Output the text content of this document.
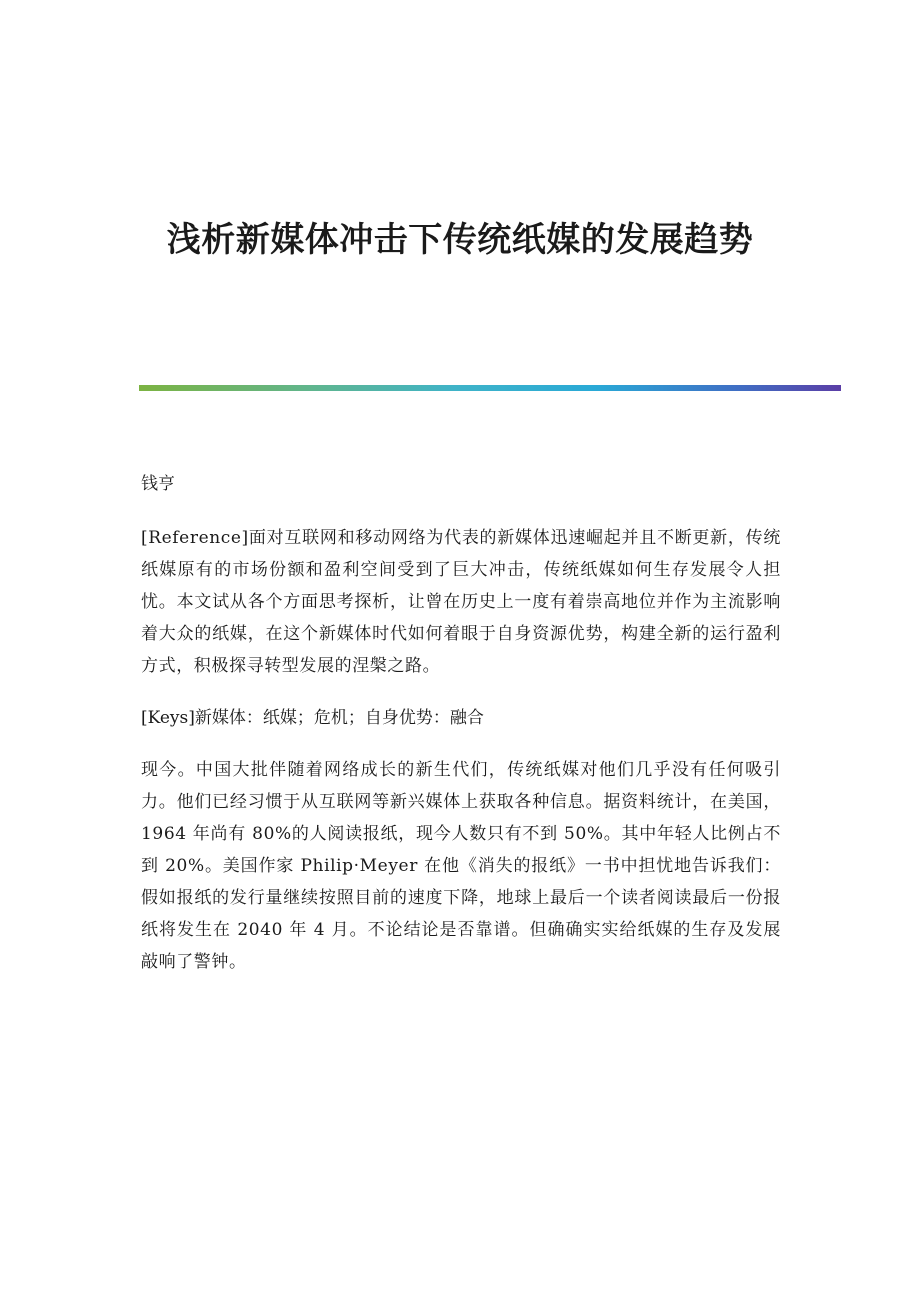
浅析新媒体冲击下传统纸媒的发展趋势

钱亨

[Reference]面对互联网和移动网络为代表的新媒体迅速崛起并且不断更新，传统纸媒原有的市场份额和盈利空间受到了巨大冲击，传统纸媒如何生存发展令人担忧。本文试从各个方面思考探析，让曾在历史上一度有着崇高地位并作为主流影响着大众的纸媒，在这个新媒体时代如何着眼于自身资源优势，构建全新的运行盈利方式，积极探寻转型发展的涅槃之路。

[Keys]新媒体：纸媒；危机；自身优势：融合

现今。中国大批伴随着网络成长的新生代们，传统纸媒对他们几乎没有任何吸引力。他们已经习惯于从互联网等新兴媒体上获取各种信息。据资料统计，在美国，1964 年尚有 80%的人阅读报纸，现今人数只有不到 50%。其中年轻人比例占不到 20%。美国作家 Philip·Meyer 在他《消失的报纸》一书中担忧地告诉我们：假如报纸的发行量继续按照目前的速度下降，地球上最后一个读者阅读最后一份报纸将发生在 2040 年 4 月。不论结论是否靠谱。但确确实实给纸媒的生存及发展敲响了警钟。
